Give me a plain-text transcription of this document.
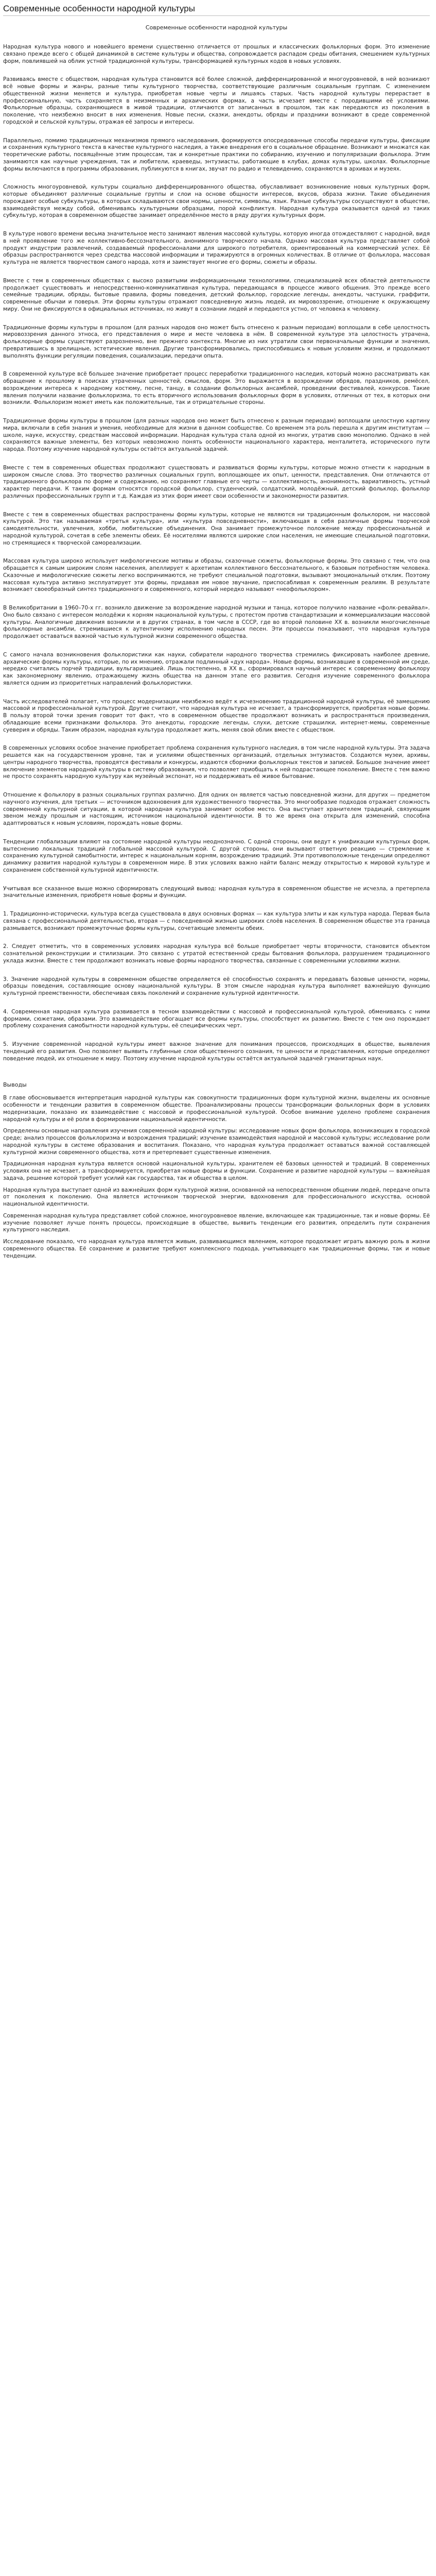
Современные особенности народной культуры
Современные особенности народной культуры

Народная культура нового и новейшего времени существенно отличается от прошлых и классических фольклорных форм. Это изменение связано прежде всего с общей динамикой в системе культуры и общества, сопровождается распадом среды обитания, смешением культурных форм, повлиявшей на облик устной традиционной культуры, трансформацией культурных кодов в новых условиях.

Развиваясь вместе с обществом, народная культура становится всё более сложной, дифференцированной и многоуровневой, в ней возникают всё новые формы и жанры, разные типы культурного творчества, соответствующие различным социальным группам. С изменением общественной жизни меняется и культура, приобретая новые черты и лишаясь старых. Часть народной культуры перерастает в профессиональную, часть сохраняется в неизменных и архаических формах, а часть исчезает вместе с породившими её условиями. Фольклорные образцы, сохраняющиеся в живой традиции, отличаются от записанных в прошлом, так как передаются из поколения в поколение, что неизбежно вносит в них изменения. Новые песни, сказки, анекдоты, обряды и праздники возникают в среде современной городской и сельской культуры, отражая её запросы и интересы.

Параллельно, помимо традиционных механизмов прямого наследования, формируются опосредованные способы передачи культуры, фиксации и сохранения культурного текста в качестве культурного наследия, а также внедрения его в социальное обращение. Возникают и множатся как теоретические работы, посвящённые этим процессам, так и конкретные практики по собиранию, изучению и популяризации фольклора. Этим занимаются как научные учреждения, так и любители, краеведы, энтузиасты, работающие в клубах, домах культуры, школах. Фольклорные формы включаются в программы образования, публикуются в книгах, звучат по радио и телевидению, сохраняются в архивах и музеях.

Сложность многоуровневой, культуры социально дифференцированного общества, обуславливает возникновение новых культурных форм, которые объединяют различные социальные группы и слои на основе общности интересов, вкусов, образа жизни. Такие объединения порождают особые субкультуры, в которых складываются свои нормы, ценности, символы, язык. Разные субкультуры сосуществуют в обществе, взаимодействуя между собой, обмениваясь культурными образцами, порой конфликтуя. Народная культура оказывается одной из таких субкультур, которая в современном обществе занимает определённое место в ряду других культурных форм.

В культуре нового времени весьма значительное место занимают явления массовой культуры, которую иногда отождествляют с народной, видя в ней проявление того же коллективно-бессознательного, анонимного творческого начала. Однако массовая культура представляет собой продукт индустрии развлечений, создаваемый профессионалами для широкого потребителя, ориентированный на коммерческий успех. Её образцы распространяются через средства массовой информации и тиражируются в огромных количествах. В отличие от фольклора, массовая культура не является творчеством самого народа, хотя и заимствует многие его формы, сюжеты и образы.

Вместе с тем в современных обществах с высоко развитыми информационными технологиями, специализацией всех областей деятельности продолжает существовать и непосредственно-коммуникативная культура, передающаяся в процессе живого общения. Это прежде всего семейные традиции, обряды, бытовые правила, формы поведения, детский фольклор, городские легенды, анекдоты, частушки, граффити, современные обычаи и поверья. Эти формы культуры отражают повседневную жизнь людей, их мировоззрение, отношение к окружающему миру. Они не фиксируются в официальных источниках, но живут в сознании людей и передаются устно, от человека к человеку.

Традиционные формы культуры в прошлом (для разных народов оно может быть отнесено к разным периодам) воплощали в себе целостность мировоззрения данного этноса, его представления о мире и месте человека в нём. В современной культуре эта целостность утрачена, фольклорные формы существуют разрозненно, вне прежнего контекста. Многие из них утратили свои первоначальные функции и значения, превратившись в зрелищные, эстетические явления. Другие трансформировались, приспособившись к новым условиям жизни, и продолжают выполнять функции регуляции поведения, социализации, передачи опыта.

В современной культуре всё большее значение приобретает процесс переработки традиционного наследия, который можно рассматривать как обращение к прошлому в поисках утраченных ценностей, смыслов, форм. Это выражается в возрождении обрядов, праздников, ремёсел, возрождении интереса к народному костюму, песне, танцу, в создании фольклорных ансамблей, проведении фестивалей, конкурсов. Такие явления получили название фольклоризма, то есть вторичного использования фольклорных форм в условиях, отличных от тех, в которых они возникли. Фольклоризм может иметь как положительные, так и отрицательные стороны.

Традиционные формы культуры в прошлом (для разных народов оно может быть отнесено к разным периодам) воплощали целостную картину мира, включали в себя знания и умения, необходимые для жизни в данном сообществе. Со временем эта роль перешла к другим институтам — школе, науке, искусству, средствам массовой информации. Народная культура стала одной из многих, утратив свою монополию. Однако в ней сохраняются важные элементы, без которых невозможно понять особенности национального характера, менталитета, исторического пути народа. Поэтому изучение народной культуры остаётся актуальной задачей.

Вместе с тем в современных обществах продолжают существовать и развиваться формы культуры, которые можно отнести к народным в широком смысле слова. Это творчество различных социальных групп, воплощающее их опыт, ценности, представления. Они отличаются от традиционного фольклора по форме и содержанию, но сохраняют главные его черты — коллективность, анонимность, вариативность, устный характер передачи. К таким формам относятся городской фольклор, студенческий, солдатский, молодёжный, детский фольклор, фольклор различных профессиональных групп и т.д. Каждая из этих форм имеет свои особенности и закономерности развития.

Вместе с тем в современных обществах распространены формы культуры, которые не являются ни традиционным фольклором, ни массовой культурой. Это так называемая «третья культура», или «культура повседневности», включающая в себя различные формы творческой самодеятельности, увлечения, хобби, любительские объединения. Она занимает промежуточное положение между профессиональной и народной культурой, сочетая в себе элементы обеих. Её носителями являются широкие слои населения, не имеющие специальной подготовки, но стремящиеся к творческой самореализации.

Массовая культура широко использует мифологические мотивы и образы, сказочные сюжеты, фольклорные формы. Это связано с тем, что она обращается к самым широким слоям населения, апеллирует к архетипам коллективного бессознательного, к базовым потребностям человека. Сказочные и мифологические сюжеты легко воспринимаются, не требуют специальной подготовки, вызывают эмоциональный отклик. Поэтому массовая культура активно эксплуатирует эти формы, придавая им новое звучание, приспосабливая к современным реалиям. В результате возникает своеобразный синтез традиционного и современного, который нередко называют «неофольклором».

В Великобритании в 1960–70-х гг. возникло движение за возрождение народной музыки и танца, которое получило название «фолк-ревайвал». Оно было связано с интересом молодёжи к корням национальной культуры, с протестом против стандартизации и коммерциализации массовой культуры. Аналогичные движения возникли и в других странах, в том числе в СССР, где во второй половине XX в. возникли многочисленные фольклорные ансамбли, стремившиеся к аутентичному исполнению народных песен. Эти процессы показывают, что народная культура продолжает оставаться важной частью культурной жизни современного общества.

С самого начала возникновения фольклористики как науки, собиратели народного творчества стремились фиксировать наиболее древние, архаические формы культуры, которые, по их мнению, отражали подлинный «дух народа». Новые формы, возникавшие в современной им среде, нередко считались порчей традиции, вульгаризацией. Лишь постепенно, в XX в., сформировался научный интерес к современному фольклору как закономерному явлению, отражающему жизнь общества на данном этапе его развития. Сегодня изучение современного фольклора является одним из приоритетных направлений фольклористики.

Часть исследователей полагает, что процесс модернизации неизбежно ведёт к исчезновению традиционной народной культуры, её замещению массовой и профессиональной культурой. Другие считают, что народная культура не исчезает, а трансформируется, приобретая новые формы. В пользу второй точки зрения говорит тот факт, что в современном обществе продолжают возникать и распространяться произведения, обладающие всеми признаками фольклора. Это анекдоты, городские легенды, слухи, детские страшилки, интернет-мемы, современные суеверия и обряды. Таким образом, народная культура продолжает жить, меняя свой облик вместе с обществом.

В современных условиях особое значение приобретает проблема сохранения культурного наследия, в том числе народной культуры. Эта задача решается как на государственном уровне, так и усилиями общественных организаций, отдельных энтузиастов. Создаются музеи, архивы, центры народного творчества, проводятся фестивали и конкурсы, издаются сборники фольклорных текстов и записей. Большое значение имеет включение элементов народной культуры в систему образования, что позволяет приобщать к ней подрастающее поколение. Вместе с тем важно не просто сохранять народную культуру как музейный экспонат, но и поддерживать её живое бытование.

Отношение к фольклору в разных социальных группах различно. Для одних он является частью повседневной жизни, для других — предметом научного изучения, для третьих — источником вдохновения для художественного творчества. Это многообразие подходов отражает сложность современной культурной ситуации, в которой народная культура занимает особое место. Она выступает хранителем традиций, связующим звеном между прошлым и настоящим, источником национальной идентичности. В то же время она открыта для изменений, способна адаптироваться к новым условиям, порождать новые формы.

Тенденции глобализации влияют на состояние народной культуры неоднозначно. С одной стороны, они ведут к унификации культурных форм, вытеснению локальных традиций глобальной массовой культурой. С другой стороны, они вызывают ответную реакцию — стремление к сохранению культурной самобытности, интерес к национальным корням, возрождению традиций. Эти противоположные тенденции определяют динамику развития народной культуры в современном мире. В этих условиях важно найти баланс между открытостью к мировой культуре и сохранением собственной культурной идентичности.

Учитывая все сказанное выше можно сформировать следующий вывод: народная культура в современном обществе не исчезла, а претерпела значительные изменения, приобретя новые формы и функции.

1. Традиционно-исторически, культура всегда существовала в двух основных формах — как культура элиты и как культура народа. Первая была связана с профессиональной деятельностью, вторая — с повседневной жизнью широких слоёв населения. В современном обществе эта граница размывается, возникают промежуточные формы культуры, сочетающие элементы обеих.

2. Следует отметить, что в современных условиях народная культура всё больше приобретает черты вторичности, становится объектом сознательной реконструкции и стилизации. Это связано с утратой естественной среды бытования фольклора, разрушением традиционного уклада жизни. Вместе с тем продолжают возникать новые формы народного творчества, связанные с современными условиями жизни.

3. Значение народной культуры в современном обществе определяется её способностью сохранять и передавать базовые ценности, нормы, образцы поведения, составляющие основу национальной культуры. В этом смысле народная культура выполняет важнейшую функцию культурной преемственности, обеспечивая связь поколений и сохранение культурной идентичности.

4. Современная народная культура развивается в тесном взаимодействии с массовой и профессиональной культурой, обмениваясь с ними формами, сюжетами, образами. Это взаимодействие обогащает все формы культуры, способствует их развитию. Вместе с тем оно порождает проблему сохранения самобытности народной культуры, её специфических черт.

5. Изучение современной народной культуры имеет важное значение для понимания процессов, происходящих в обществе, выявления тенденций его развития. Оно позволяет выявить глубинные слои общественного сознания, те ценности и представления, которые определяют поведение людей, их отношение к миру. Поэтому изучение народной культуры остаётся актуальной задачей гуманитарных наук.

Выводы

В главе обосновывается интерпретация народной культуры как совокупности традиционных форм культурной жизни, выделены их основные особенности и тенденции развития в современном обществе. Проанализированы процессы трансформации фольклорных форм в условиях модернизации, показано их взаимодействие с массовой и профессиональной культурой. Особое внимание уделено проблеме сохранения народной культуры и её роли в формировании национальной идентичности.

Определены основные направления изучения современной народной культуры: исследование новых форм фольклора, возникающих в городской среде; анализ процессов фольклоризма и возрождения традиций; изучение взаимодействия народной и массовой культуры; исследование роли народной культуры в системе образования и воспитания. Показано, что народная культура продолжает оставаться важной составляющей культурной жизни современного общества, хотя и претерпевает существенные изменения.

Традиционная народная культура является основой национальной культуры, хранителем её базовых ценностей и традиций. В современных условиях она не исчезает, а трансформируется, приобретая новые формы и функции. Сохранение и развитие народной культуры — важнейшая задача, решение которой требует усилий как государства, так и общества в целом.

Народная культура выступает одной из важнейших форм культурной жизни, основанной на непосредственном общении людей, передаче опыта от поколения к поколению. Она является источником творческой энергии, вдохновения для профессионального искусства, основой национальной идентичности.

Современная народная культура представляет собой сложное, многоуровневое явление, включающее как традиционные, так и новые формы. Её изучение позволяет лучше понять процессы, происходящие в обществе, выявить тенденции его развития, определить пути сохранения культурного наследия.

Исследование показало, что народная культура является живым, развивающимся явлением, которое продолжает играть важную роль в жизни современного общества. Её сохранение и развитие требуют комплексного подхода, учитывающего как традиционные формы, так и новые тенденции.
